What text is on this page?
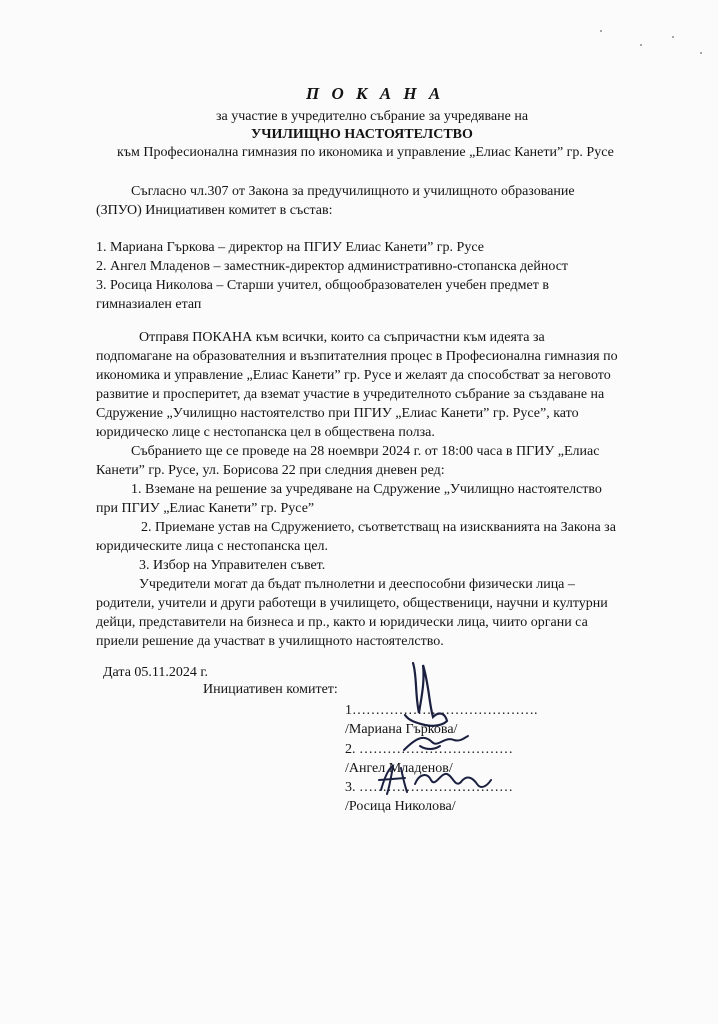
П О К А Н А
за участие в учредително събрание за учредяване на
УЧИЛИЩНО НАСТОЯТЕЛСТВО
към Професионална гимназия по икономика и управление „Елиас Канети” гр. Русе
Съгласно чл.307 от Закона за предучилищното и училищното образование
(ЗПУО) Инициативен комитет в състав:
1. Мариана Гъркова – директор на ПГИУ Елиас Канети” гр. Русе
2. Ангел Младенов – заместник-директор административно-стопанска дейност
3. Росица Николова – Старши учител, общообразователен учебен предмет в
гимназиален етап
Отправя ПОКАНА към всички, които са съпричастни към идеята за
подпомагане на образователния и възпитателния процес в Професионална гимназия по
икономика и управление „Елиас Канети” гр. Русе и желаят да способстват за неговото
развитие и просперитет, да вземат участие в учредителното събрание за създаване на
Сдружение „Училищно настоятелство при ПГИУ „Елиас Канети” гр. Русе”, като
юридическо лице с нестопанска цел в обществена полза.
Събранието ще се проведе на 28 ноември 2024 г. от 18:00 часа в ПГИУ „Елиас
Канети” гр. Русе, ул. Борисова 22 при следния дневен ред:
1. Вземане на решение за учредяване на Сдружение „Училищно настоятелство
при ПГИУ „Елиас Канети” гр. Русе”
2. Приемане устав на Сдружението, съответстващ на изискванията на Закона за
юридическите лица с нестопанска цел.
3. Избор на Управителен съвет.
Учредители могат да бъдат пълнолетни и дееспособни физически лица –
родители, учители и други работещи в училището, общественици, научни и културни
дейци, представители на бизнеса и пр., както и юридически лица, чиито органи са
приели решение да участват в училищното настоятелство.
Дата 05.11.2024 г.
Инициативен комитет:
1………………………………….
/Мариана Гъркова/
2. ……………………………
/Ангел Младенов/
3. ……………………………
/Росица Николова/
